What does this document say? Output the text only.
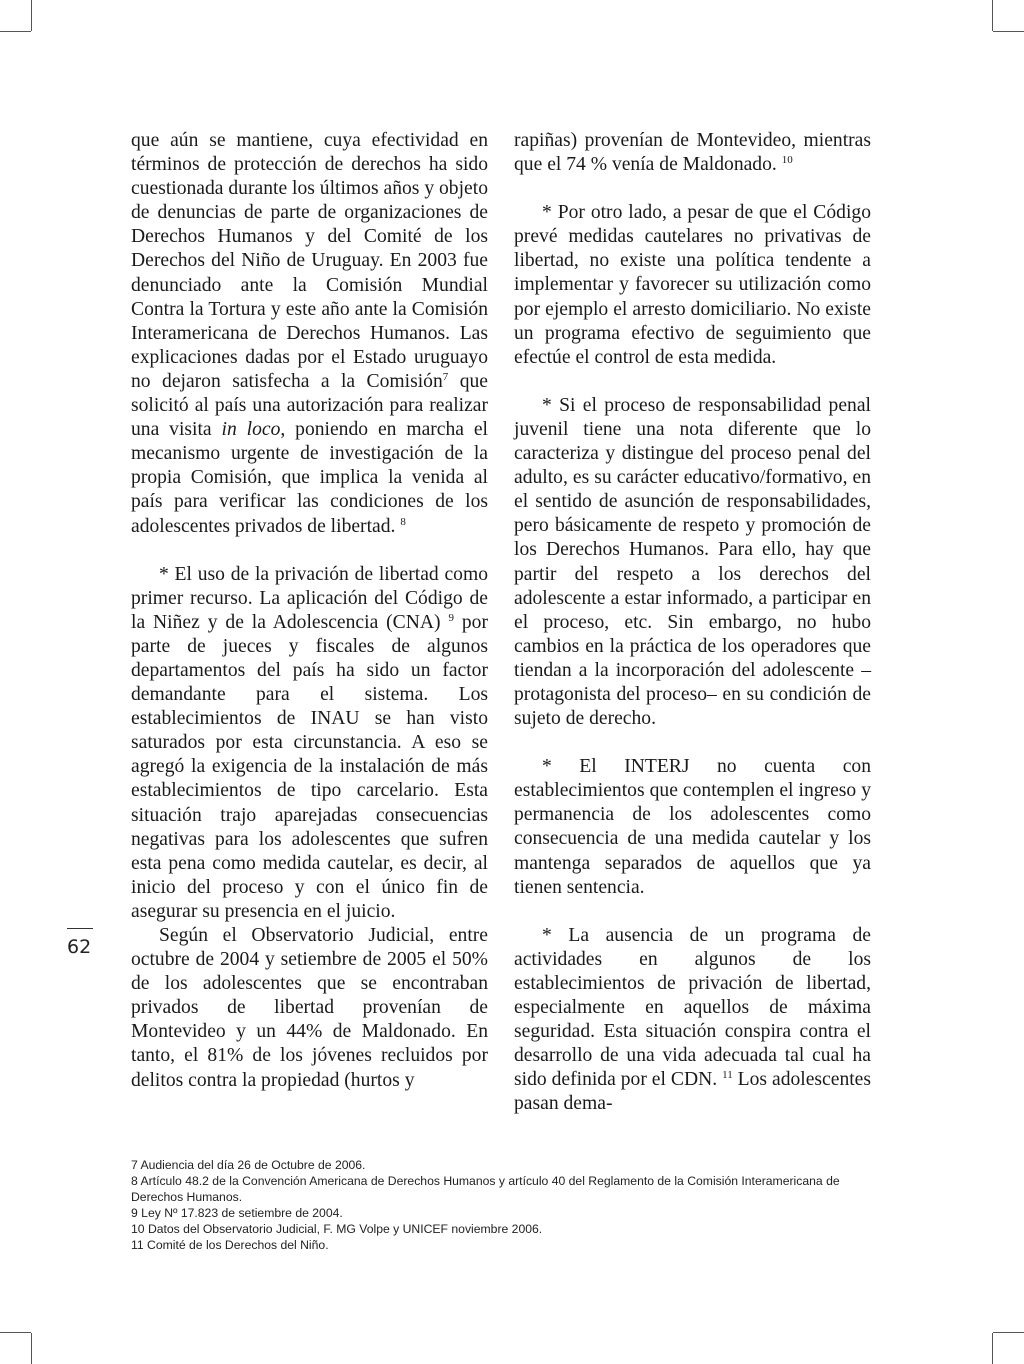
que aún se mantiene, cuya efectividad en términos de protección de derechos ha sido cuestionada durante los últimos años y objeto de denuncias de parte de organizaciones de Derechos Humanos y del Comité de los Derechos del Niño de Uruguay. En 2003 fue denunciado ante la Comisión Mundial Contra la Tortura y este año ante la Comisión Interamericana de Derechos Humanos. Las explicaciones dadas por el Estado uruguayo no dejaron satisfecha a la Comisión$^7$ que solicitó al país una autorización para realizar una visita in loco, poniendo en marcha el mecanismo urgente de investigación de la propia Comisión, que implica la venida al país para verificar las condiciones de los adolescentes privados de libertad. $^8$

* El uso de la privación de libertad como primer recurso. La aplicación del Código de la Niñez y de la Adolescencia (CNA) $^9$ por parte de jueces y fiscales de algunos departamentos del país ha sido un factor demandante para el sistema. Los establecimientos de INAU se han visto saturados por esta circunstancia. A eso se agregó la exigencia de la instalación de más establecimientos de tipo carcelario. Esta situación trajo aparejadas consecuencias negativas para los adolescentes que sufren esta pena como medida cautelar, es decir, al inicio del proceso y con el único fin de asegurar su presencia en el juicio.

Según el Observatorio Judicial, entre octubre de 2004 y setiembre de 2005 el 50% de los adolescentes que se encontraban privados de libertad provenían de Montevideo y un 44% de Maldonado. En tanto, el 81% de los jóvenes recluidos por delitos contra la propiedad (hurtos y

rapiñas) provenían de Montevideo, mientras que el 74 % venía de Maldonado. $^{10}$

* Por otro lado, a pesar de que el Código prevé medidas cautelares no privativas de libertad, no existe una política tendente a implementar y favorecer su utilización como por ejemplo el arresto domiciliario. No existe un programa efectivo de seguimiento que efectúe el control de esta medida.

* Si el proceso de responsabilidad penal juvenil tiene una nota diferente que lo caracteriza y distingue del proceso penal del adulto, es su carácter educativo/formativo, en el sentido de asunción de responsabilidades, pero básicamente de respeto y promoción de los Derechos Humanos. Para ello, hay que partir del respeto a los derechos del adolescente a estar informado, a participar en el proceso, etc. Sin embargo, no hubo cambios en la práctica de los operadores que tiendan a la incorporación del adolescente –protagonista del proceso– en su condición de sujeto de derecho.

* El INTERJ no cuenta con establecimientos que contemplen el ingreso y permanencia de los adolescentes como consecuencia de una medida cautelar y los mantenga separados de aquellos que ya tienen sentencia.

* La ausencia de un programa de actividades en algunos de los establecimientos de privación de libertad, especialmente en aquellos de máxima seguridad. Esta situación conspira contra el desarrollo de una vida adecuada tal cual ha sido definida por el CDN. $^{11}$ Los adolescentes pasan dema-

62
7 Audiencia del día 26 de Octubre de 2006.
8 Artículo 48.2 de la Convención Americana de Derechos Humanos y artículo 40 del Reglamento de la Comisión Interamericana de Derechos Humanos.
9 Ley Nº 17.823 de setiembre de 2004.
10 Datos del Observatorio Judicial, F. MG Volpe y UNICEF noviembre 2006.
11 Comité de los Derechos del Niño.
